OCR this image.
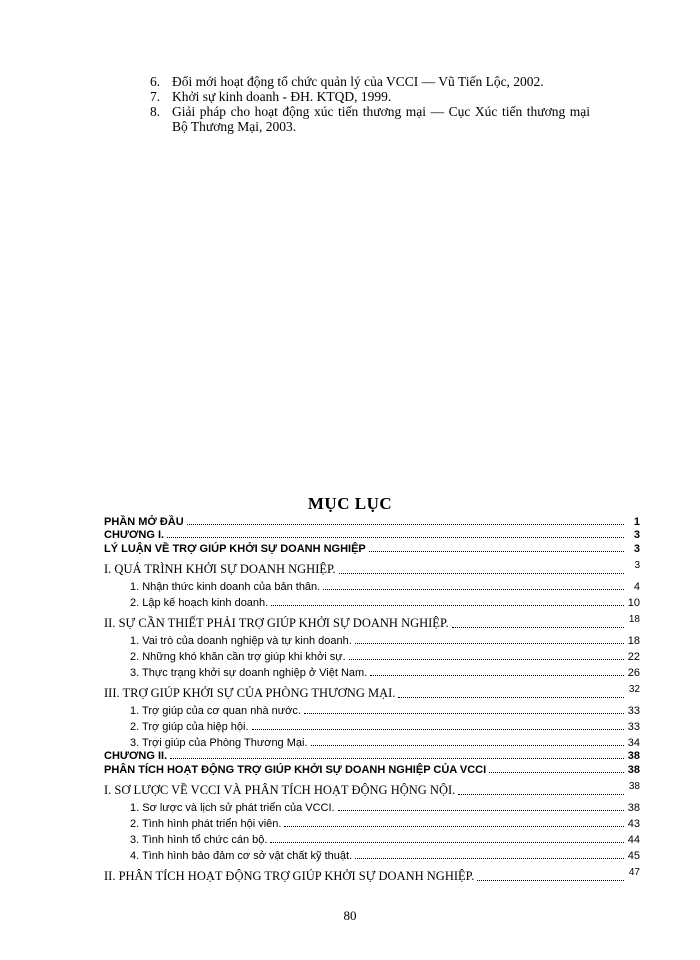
6. Đổi mới hoạt động tổ chức quản lý của VCCI — Vũ Tiến Lộc, 2002.
7. Khởi sự kinh doanh - ĐH. KTQD, 1999.
8. Giải pháp cho hoạt động xúc tiến thương mại — Cục Xúc tiến thương mại Bộ Thương Mại, 2003.
MỤC LỤC
PHẦN MỞ ĐẦU	1
CHƯƠNG I.	3
LÝ LUẬN VỀ TRỢ GIÚP KHỞI SỰ DOANH NGHIỆP	3
I. QUÁ TRÌNH KHỞI SỰ DOANH NGHIỆP.	3
1. Nhận thức kinh doanh của bản thân.	4
2. Lập kế hoạch kinh doanh.	10
II. SỰ CẦN THIẾT PHẢI TRỢ GIÚP KHỞI SỰ DOANH NGHIỆP.	18
1. Vai trò của doanh nghiệp và tự kinh doanh.	18
2. Những khó khăn cần trợ giúp khi khởi sự.	22
3. Thực trạng khởi sự doanh nghiệp ở Việt Nam.	26
III. TRỢ GIÚP KHỞI SỰ CỦA PHÒNG THƯƠNG MẠI.	32
1. Trợ giúp của cơ quan nhà nước.	33
2. Trợ giúp của hiệp hội.	33
3. Trợi giúp của Phòng Thương Mại.	34
CHƯƠNG II.	38
PHÂN TÍCH HOẠT ĐỘNG TRỢ GIÚP KHỞI SỰ DOANH NGHIỆP CỦA VCCI	38
I. SƠ LƯỢC VỀ VCCI VÀ PHÂN TÍCH HOẠT ĐỘNG HỘNG NỘI.	38
1. Sơ lược và lịch sử phát triển của VCCI.	38
2. Tình hình phát triển hội viên.	43
3. Tình hình tổ chức cán bộ.	44
4. Tình hình bảo đảm cơ sở vật chất kỹ thuật.	45
II. PHÂN TÍCH HOẠT ĐỘNG TRỢ GIÚP KHỞI SỰ DOANH NGHIỆP.	47
80
